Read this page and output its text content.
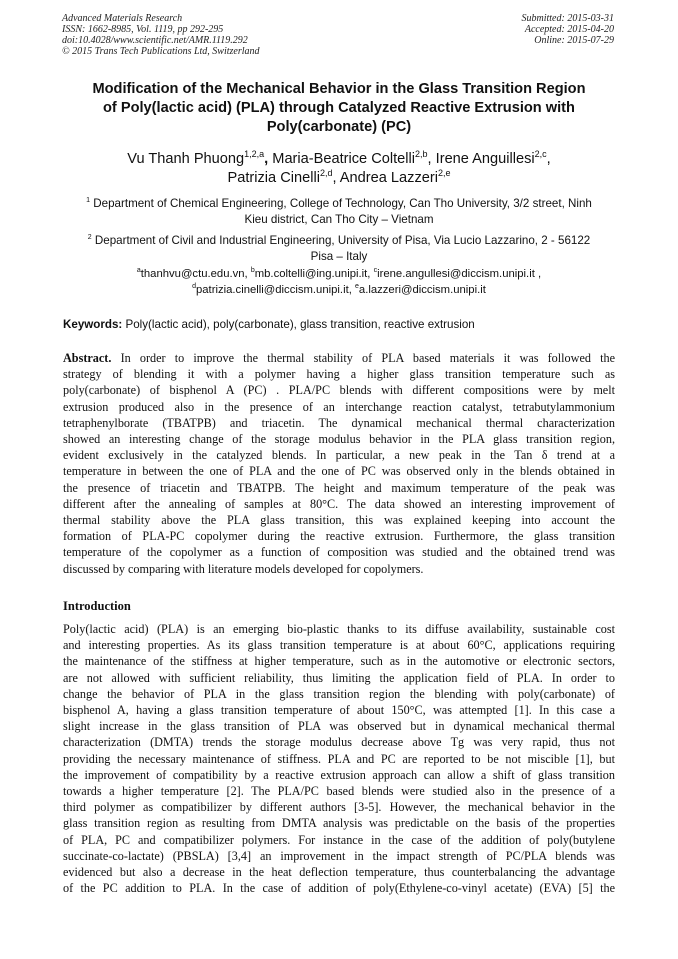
Advanced Materials Research
ISSN: 1662-8985, Vol. 1119, pp 292-295
doi:10.4028/www.scientific.net/AMR.1119.292
© 2015 Trans Tech Publications Ltd, Switzerland
Submitted: 2015-03-31
Accepted: 2015-04-20
Online: 2015-07-29
Modification of the Mechanical Behavior in the Glass Transition Region
of Poly(lactic acid) (PLA) through Catalyzed Reactive Extrusion with
Poly(carbonate) (PC)
Vu Thanh Phuong$^{1,2,a}$, Maria-Beatrice Coltelli$^{2,b}$, Irene Anguillesi$^{2,c}$,
Patrizia Cinelli$^{2,d}$, Andrea Lazzeri$^{2,e}$
$^1$ Department of Chemical Engineering, College of Technology, Can Tho University, 3/2 street, Ninh
Kieu district, Can Tho City – Vietnam
$^2$ Department of Civil and Industrial Engineering, University of Pisa, Via Lucio Lazzarino, 2 - 56122
Pisa – Italy
$^a$thanhvu@ctu.edu.vn, $^b$mb.coltelli@ing.unipi.it, $^c$irene.angullesi@diccism.unipi.it ,
$^d$patrizia.cinelli@diccism.unipi.it, $^e$a.lazzeri@diccism.unipi.it
Keywords: Poly(lactic acid), poly(carbonate), glass transition, reactive extrusion
Abstract. In order to improve the thermal stability of PLA based materials it was followed the
strategy of blending it with a polymer having a higher glass transition temperature such as
poly(carbonate) of bisphenol A (PC) . PLA/PC blends with different compositions were by melt
extrusion produced also in the presence of an interchange reaction catalyst, tetrabutylammonium
tetraphenylborate (TBATPB) and triacetin. The dynamical mechanical thermal characterization
showed an interesting change of the storage modulus behavior in the PLA glass transition region,
evident exclusively in the catalyzed blends. In particular, a new peak in the Tan δ trend at a
temperature in between the one of PLA and the one of PC was observed only in the blends obtained in
the presence of triacetin and TBATPB. The height and maximum temperature of the peak was
different after the annealing of samples at 80°C. The data showed an interesting improvement of
thermal stability above the PLA glass transition, this was explained keeping into account the
formation of PLA-PC copolymer during the reactive extrusion. Furthermore, the glass transition
temperature of the copolymer as a function of composition was studied and the obtained trend was
discussed by comparing with literature models developed for copolymers.
Introduction
Poly(lactic acid) (PLA) is an emerging bio-plastic thanks to its diffuse availability, sustainable cost
and interesting properties. As its glass transition temperature is at about 60°C, applications requiring
the maintenance of the stiffness at higher temperature, such as in the automotive or electronic sectors,
are not allowed with sufficient reliability, thus limiting the application field of PLA. In order to
change the behavior of PLA in the glass transition region the blending with poly(carbonate) of
bisphenol A, having a glass transition temperature of about 150°C, was attempted [1]. In this case a
slight increase in the glass transition of PLA was observed but in dynamical mechanical thermal
characterization (DMTA) trends the storage modulus decrease above Tg was very rapid, thus not
providing the necessary maintenance of stiffness. PLA and PC are reported to be not miscible [1], but
the improvement of compatibility by a reactive extrusion approach can allow a shift of glass transition
towards a higher temperature [2]. The PLA/PC based blends were studied also in the presence of a
third polymer as compatibilizer by different authors [3-5]. However, the mechanical behavior in the
glass transition region as resulting from DMTA analysis was predictable on the basis of the properties
of PLA, PC and compatibilizer polymers. For instance in the case of the addition of poly(butylene
succinate-co-lactate) (PBSLA) [3,4] an improvement in the impact strength of PC/PLA blends was
evidenced but also a decrease in the heat deflection temperature, thus counterbalancing the advantage
of the PC addition to PLA. In the case of addition of poly(Ethylene-co-vinyl acetate) (EVA) [5] the
